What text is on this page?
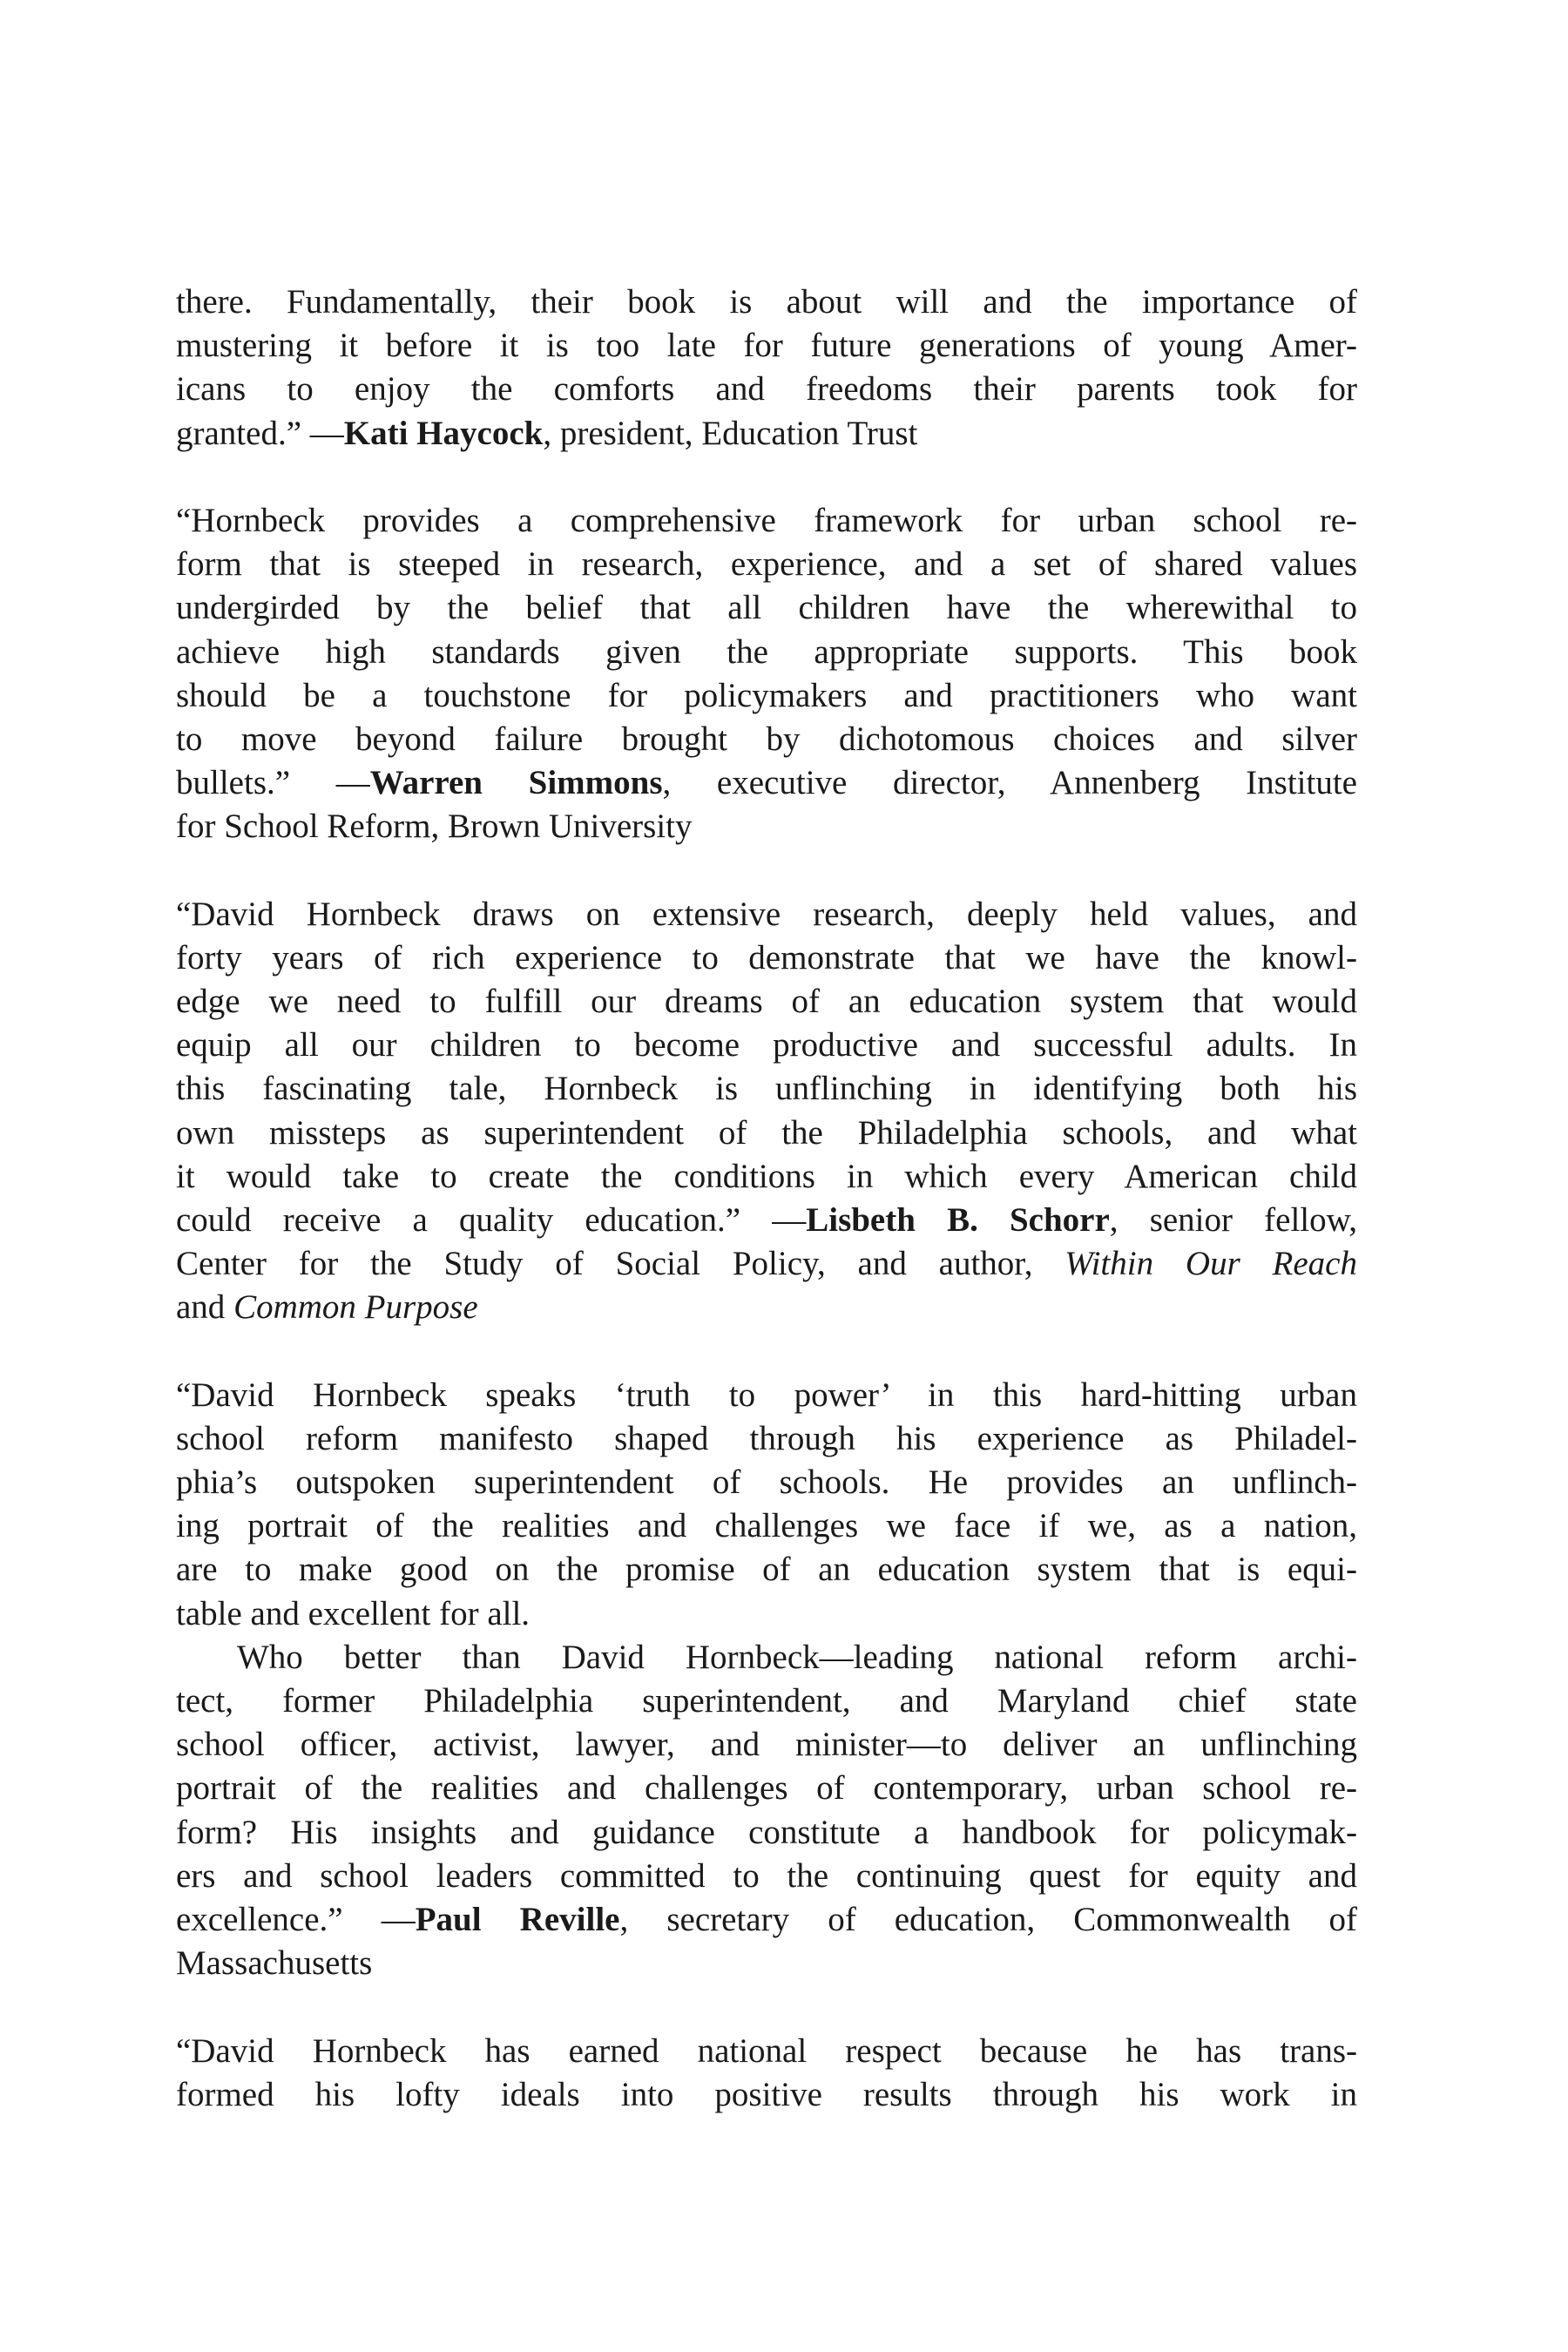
there. Fundamentally, their book is about will and the importance of
mustering it before it is too late for future generations of young Amer-
icans to enjoy the comforts and freedoms their parents took for
granted.” —Kati Haycock, president, Education Trust
“Hornbeck provides a comprehensive framework for urban school re-
form that is steeped in research, experience, and a set of shared values
undergirded by the belief that all children have the wherewithal to
achieve high standards given the appropriate supports. This book
should be a touchstone for policymakers and practitioners who want
to move beyond failure brought by dichotomous choices and silver
bullets.” —Warren Simmons, executive director, Annenberg Institute
for School Reform, Brown University
“David Hornbeck draws on extensive research, deeply held values, and
forty years of rich experience to demonstrate that we have the knowl-
edge we need to fulfill our dreams of an education system that would
equip all our children to become productive and successful adults. In
this fascinating tale, Hornbeck is unflinching in identifying both his
own missteps as superintendent of the Philadelphia schools, and what
it would take to create the conditions in which every American child
could receive a quality education.” —Lisbeth B. Schorr, senior fellow,
Center for the Study of Social Policy, and author, Within Our Reach
and Common Purpose
“David Hornbeck speaks ‘truth to power’ in this hard-hitting urban
school reform manifesto shaped through his experience as Philadel-
phia’s outspoken superintendent of schools. He provides an unflinch-
ing portrait of the realities and challenges we face if we, as a nation,
are to make good on the promise of an education system that is equi-
table and excellent for all.
Who better than David Hornbeck—leading national reform archi-
tect, former Philadelphia superintendent, and Maryland chief state
school officer, activist, lawyer, and minister—to deliver an unflinching
portrait of the realities and challenges of contemporary, urban school re-
form? His insights and guidance constitute a handbook for policymak-
ers and school leaders committed to the continuing quest for equity and
excellence.” —Paul Reville, secretary of education, Commonwealth of
Massachusetts
“David Hornbeck has earned national respect because he has trans-
formed his lofty ideals into positive results through his work in
